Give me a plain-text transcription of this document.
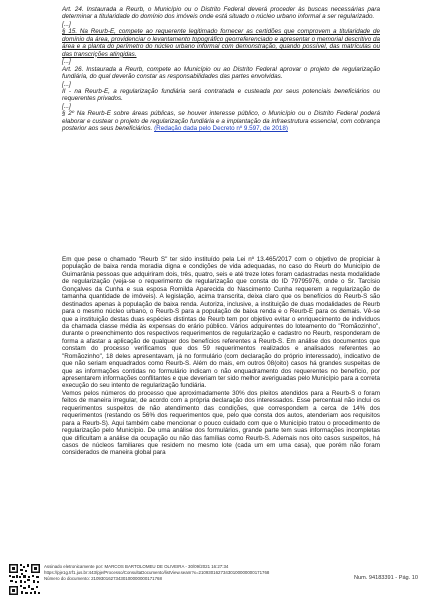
Art. 24. Instaurada a Reurb, o Município ou o Distrito Federal deverá proceder às buscas necessárias para determinar a titularidade do domínio dos imóveis onde está situado o núcleo urbano informal a ser regularizado.

[...]

§ 15. Na Reurb-E, compete ao requerente legitimado fornecer as certidões que comprovem a titularidade de domínio da área, providenciar o levantamento topográfico georreferenciado e apresentar o memorial descritivo da área e a planta do perímetro do núcleo urbano informal com demonstração, quando possível, das matrículas ou das transcrições atingidas.

[...]

Art. 26. Instaurada a Reurb, compete ao Município ou ao Distrito Federal aprovar o projeto de regularização fundiária, do qual deverão constar as responsabilidades das partes envolvidas.

[...]

II - na Reurb-E, a regularização fundiária será contratada e custeada por seus potenciais beneficiários ou requerentes privados.

[...]

§ 2º Na Reurb-E sobre áreas públicas, se houver interesse público, o Município ou o Distrito Federal poderá elaborar e custear o projeto de regularização fundiária e a implantação da infraestrutura essencial, com cobrança posterior aos seus beneficiários. (Redação dada pelo Decreto nº 9.597, de 2018)

Em que pese o chamado "Reurb S" ter sido instituído pela Lei nº 13.465/2017 com o objetivo de propiciar à população de baixa renda moradia digna e condições de vida adequadas, no caso do Reurb do Município de Guimarânia pessoas que adquiriram dois, três, quatro, seis e até treze lotes foram cadastradas nesta modalidade de regularização (veja-se o requerimento de regularização que consta do ID 79795976, onde o Sr. Tarcísio Gonçalves da Cunha e sua esposa Romilda Aparecida do Nascimento Cunha requerem a regularização de tamanha quantidade de imóveis). A legislação, acima transcrita, deixa claro que os benefícios do Reurb-S são destinados apenas à população de baixa renda. Autoriza, inclusive, a instituição de duas modalidades de Reurb para o mesmo núcleo urbano, o Reurb-S para a população de baixa renda e o Reurb-E para os demais. Vê-se que a instituição destas duas espécies distintas de Reurb tem por objetivo evitar o enriquecimento de indivíduos da chamada classe média às expensas do erário público. Vários adquirentes do loteamento do "Romãozinho", durante o preenchimento dos respectivos requerimentos de regularização e cadastro no Reurb, responderam de forma a afastar a aplicação de qualquer dos benefícios referentes a Reurb-S. Em análise dos documentos que constam do processo verificamos que dos 59 requerimentos realizados e analisados referentes ao "Romãozinho", 18 deles apresentavam, já no formulário (com declaração do próprio interessado), indicativo de que não seriam enquadrados como Reurb-S. Além do mais, em outros 08(oito) casos há grandes suspeitas de que as informações contidas no formulário indicam o não enquadramento dos requerentes no benefício, por apresentarem informações conflitantes e que deveriam ter sido melhor averiguadas pelo Município para a correta execução do seu intento de regularização fundiária.

Vemos pelos números do processo que aproximadamente 30% dos pleitos atendidos para a Reurb-S o foram feitos de maneira irregular, de acordo com a própria declaração dos interessados. Esse percentual não inclui os requerimentos suspeitos de não atendimento das condições, que correspondem a cerca de 14% dos requerimentos (restando os 56% dos requerimentos que, pelo que consta dos autos, atenderiam aos requisitos para a Reurb-S). Aqui também cabe mencionar o pouco cuidado com que o Município tratou o procedimento de regularização pelo Município. De uma análise dos formulários, grande parte tem suas informações incompletas que dificultam a análise da ocupação ou não das famílias como Reurb-S. Ademais nos oito casos suspeitos, há casos de núcleos familiares que residem no mesmo lote (cada um em uma casa), que porém não foram considerados de maneira global para

Assinado eletronicamente por: MARCOS BARTOLOMEU DE OLIVEIRA - 30/09/2021 16:27:34
https://pje1g.trf1.jus.br:443/pje/Processo/ConsultaDocumento/listView.seam?x=21093016273430100000000171768
Número do documento: 21093016273430100000000171768	Num. 94183391 - Pág. 10
